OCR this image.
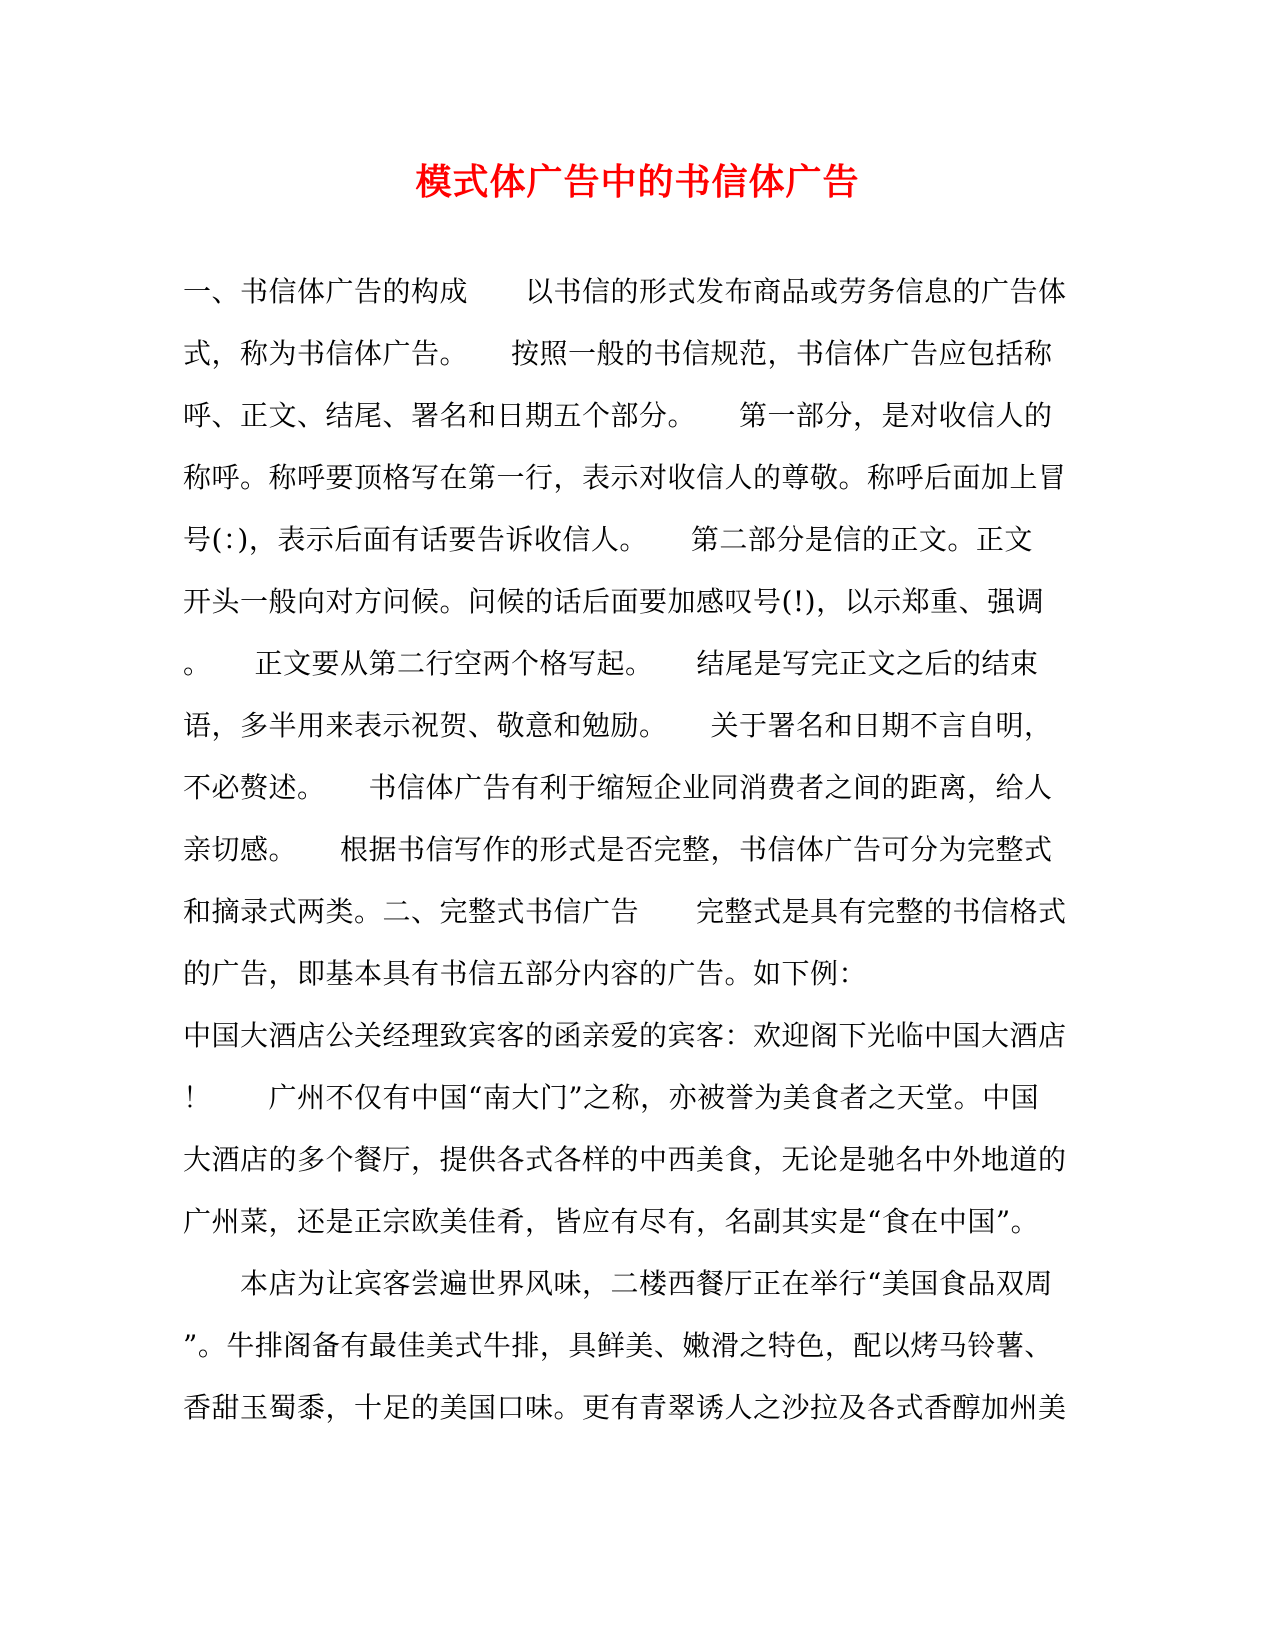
模式体广告中的书信体广告
一、书信体广告的构成　　以书信的形式发布商品或劳务信息的广告体
式，称为书信体广告。　　按照一般的书信规范，书信体广告应包括称
呼、正文、结尾、署名和日期五个部分。　　第一部分，是对收信人的
称呼。称呼要顶格写在第一行，表示对收信人的尊敬。称呼后面加上冒
号(：)，表示后面有话要告诉收信人。　　第二部分是信的正文。正文
开头一般向对方问候。问候的话后面要加感叹号(!)，以示郑重、强调
。　　正文要从第二行空两个格写起。　　结尾是写完正文之后的结束
语，多半用来表示祝贺、敬意和勉励。　　关于署名和日期不言自明，
不必赘述。　　书信体广告有利于缩短企业同消费者之间的距离，给人
亲切感。　　根据书信写作的形式是否完整，书信体广告可分为完整式
和摘录式两类。二、完整式书信广告　　完整式是具有完整的书信格式
的广告，即基本具有书信五部分内容的广告。如下例：
中国大酒店公关经理致宾客的函亲爱的宾客：欢迎阁下光临中国大酒店
！　　广州不仅有中国“南大门”之称，亦被誉为美食者之天堂。中国
大酒店的多个餐厅，提供各式各样的中西美食，无论是驰名中外地道的
广州菜，还是正宗欧美佳肴，皆应有尽有，名副其实是“食在中国”。
　　本店为让宾客尝遍世界风味，二楼西餐厅正在举行“美国食品双周
”。牛排阁备有最佳美式牛排，具鲜美、嫩滑之特色，配以烤马铃薯、
香甜玉蜀黍，十足的美国口味。更有青翠诱人之沙拉及各式香醇加州美
